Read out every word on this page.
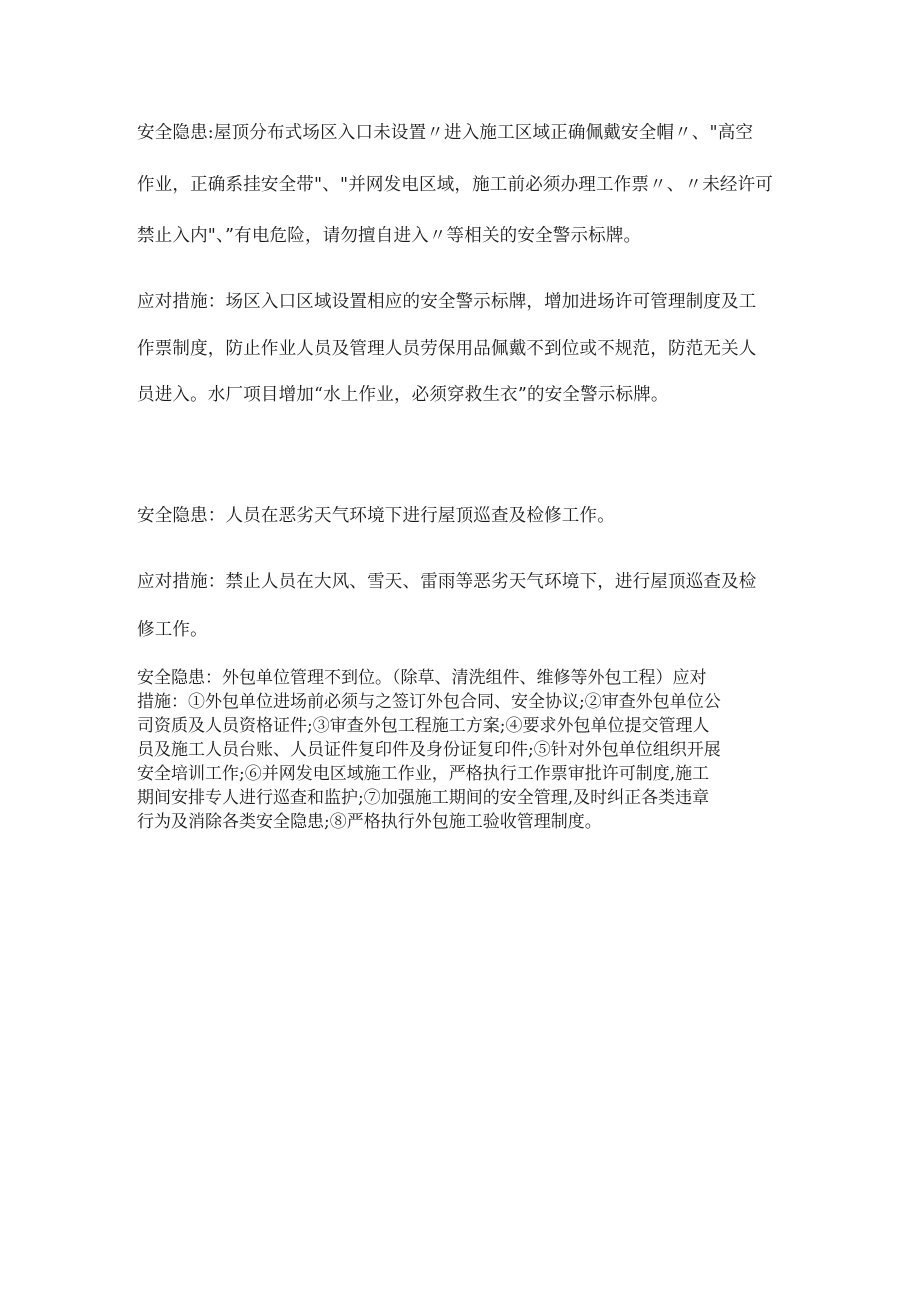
安全隐患:屋顶分布式场区入口未设置〃进入施工区域正确佩戴安全帽〃、"高空
作业，正确系挂安全带"、"并网发电区域，施工前必须办理工作票〃、〃未经许可
禁止入内"、”有电危险，请勿擅自进入〃等相关的安全警示标牌。
应对措施：场区入口区域设置相应的安全警示标牌，增加进场许可管理制度及工
作票制度，防止作业人员及管理人员劳保用品佩戴不到位或不规范，防范无关人
员进入。水厂项目增加“水上作业，必须穿救生衣”的安全警示标牌。
安全隐患：人员在恶劣天气环境下进行屋顶巡查及检修工作。
应对措施：禁止人员在大风、雪天、雷雨等恶劣天气环境下，进行屋顶巡查及检
修工作。
安全隐患：外包单位管理不到位。（除草、清洗组件、维修等外包工程）应对
措施：①外包单位进场前必须与之签订外包合同、安全协议;②审查外包单位公
司资质及人员资格证件;③审查外包工程施工方案;④要求外包单位提交管理人
员及施工人员台账、人员证件复印件及身份证复印件;⑤针对外包单位组织开展
安全培训工作;⑥并网发电区域施工作业，严格执行工作票审批许可制度,施工
期间安排专人进行巡查和监护;⑦加强施工期间的安全管理,及时纠正各类违章
行为及消除各类安全隐患;⑧严格执行外包施工验收管理制度。
